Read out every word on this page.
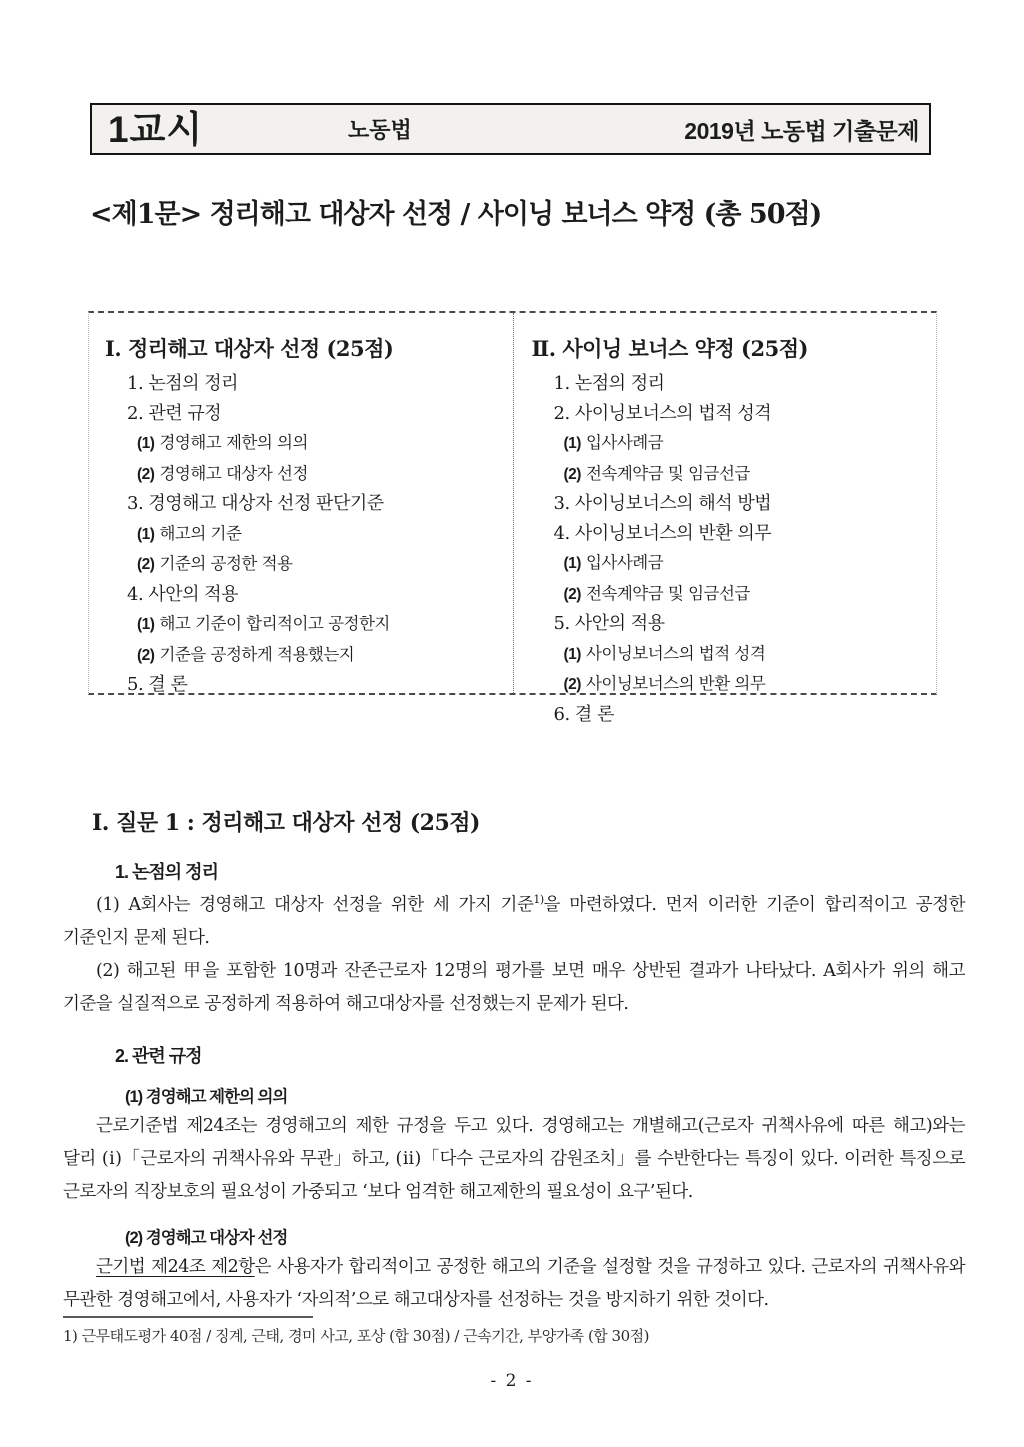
1교시	노동법	2019년 노동법 기출문제
<제1문> 정리해고 대상자 선정 / 사이닝 보너스 약정 (총 50점)
Ⅰ. 정리해고 대상자 선정 (25점)
1. 논점의 정리
2. 관련 규정
(1) 경영해고 제한의 의의
(2) 경영해고 대상자 선정
3. 경영해고 대상자 선정 판단기준
(1) 해고의 기준
(2) 기준의 공정한 적용
4. 사안의 적용
(1) 해고 기준이 합리적이고 공정한지
(2) 기준을 공정하게 적용했는지
5. 결 론
Ⅱ. 사이닝 보너스 약정 (25점)
1. 논점의 정리
2. 사이닝보너스의 법적 성격
(1) 입사사례금
(2) 전속계약금 및 임금선급
3. 사이닝보너스의 해석 방법
4. 사이닝보너스의 반환 의무
(1) 입사사례금
(2) 전속계약금 및 임금선급
5. 사안의 적용
(1) 사이닝보너스의 법적 성격
(2) 사이닝보너스의 반환 의무
6. 결 론
Ⅰ. 질문 1 : 정리해고 대상자 선정 (25점)
1. 논점의 정리

(1) A회사는 경영해고 대상자 선정을 위한 세 가지 기준$^{1)}$을 마련하였다. 먼저 이러한 기준이 합리적이고 공정한 기준인지 문제 된다.

(2) 해고된 甲을 포함한 10명과 잔존근로자 12명의 평가를 보면 매우 상반된 결과가 나타났다. A회사가 위의 해고 기준을 실질적으로 공정하게 적용하여 해고대상자를 선정했는지 문제가 된다.

2. 관련 규정
(1) 경영해고 제한의 의의

근로기준법 제24조는 경영해고의 제한 규정을 두고 있다. 경영해고는 개별해고(근로자 귀책사유에 따른 해고)와는 달리 (ⅰ)「근로자의 귀책사유와 무관」하고, (ⅱ)「다수 근로자의 감원조치」를 수반한다는 특징이 있다. 이러한 특징으로 근로자의 직장보호의 필요성이 가중되고 ‘보다 엄격한 해고제한의 필요성이 요구’된다.

(2) 경영해고 대상자 선정

근기법 제24조 제2항은 사용자가 합리적이고 공정한 해고의 기준을 설정할 것을 규정하고 있다. 근로자의 귀책사유와 무관한 경영해고에서, 사용자가 ‘자의적’으로 해고대상자를 선정하는 것을 방지하기 위한 것이다.

1) 근무태도평가 40점 / 징계, 근태, 경미 사고, 포상 (합 30점) / 근속기간, 부양가족 (합 30점)
- 2 -
